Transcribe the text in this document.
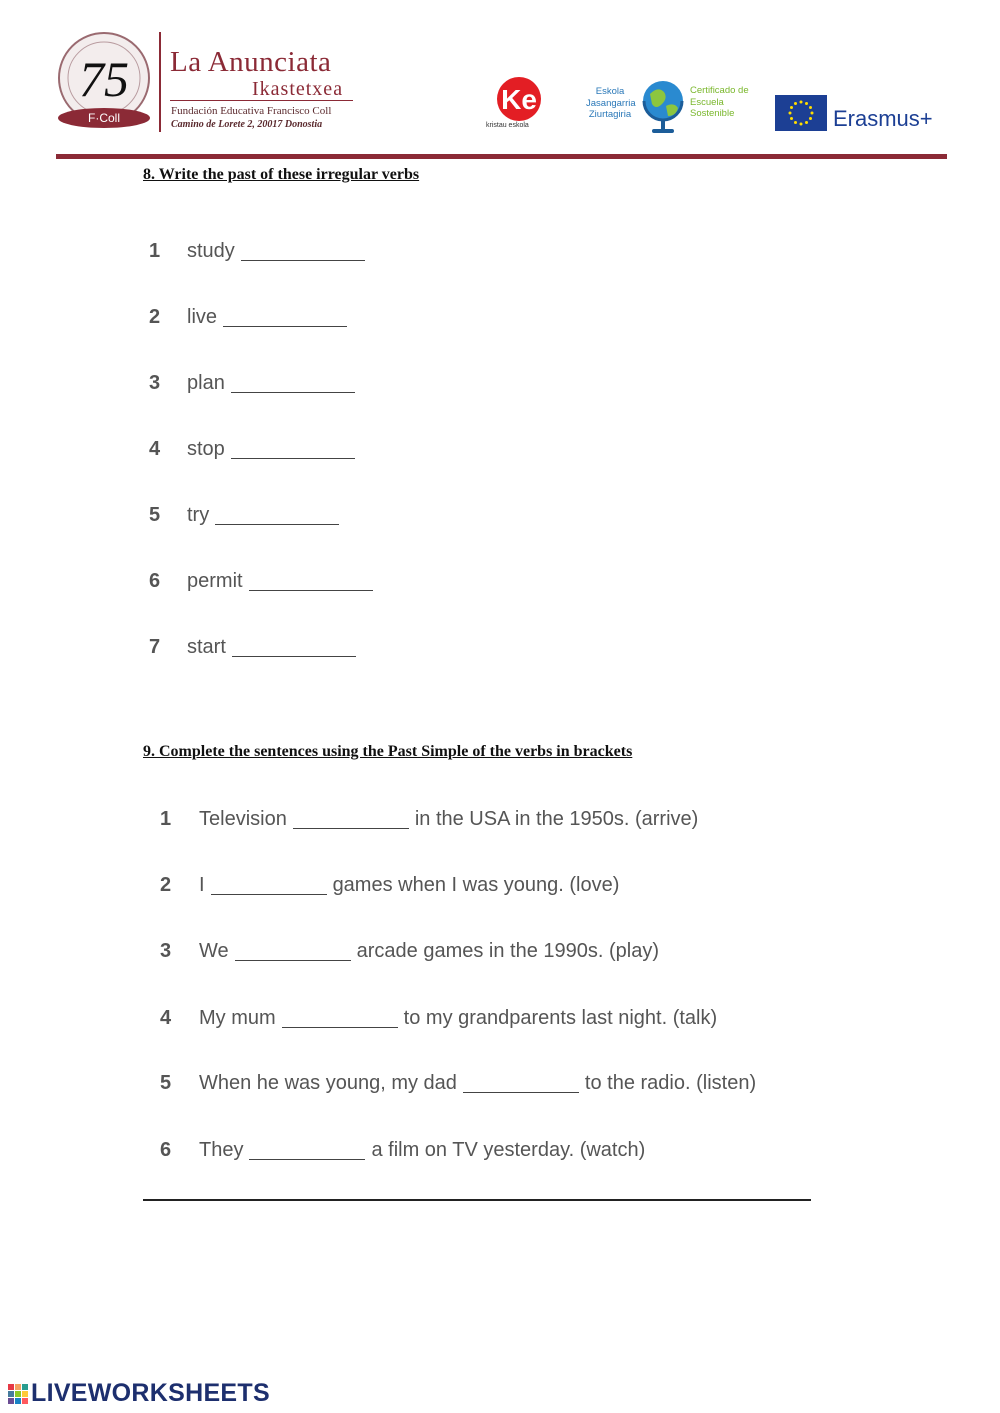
75
F·Coll
La Anunciata
Ikastetxea
Fundación Educativa Francisco Coll
Camino de Lorete 2, 20017 Donostia
Ke
kristau eskola
Eskola Jasangarria Ziurtagiria
Certificado de Escuela Sostenible	Erasmus+
8. Write the past of these irregular verbs
1	study
2	live
3	plan
4	stop
5	try
6	permit
7	start
9. Complete the sentences using the Past Simple of the verbs in brackets
1 Television	in the USA in the 1950s. (arrive)
2 I	games when I was young. (love)
3 We	arcade games in the 1990s. (play)
4 My mum	to my grandparents last night. (talk)
5 When he was young, my dad	to the radio. (listen)
6 They	a film on TV yesterday. (watch)
LIVEWORKSHEETS
